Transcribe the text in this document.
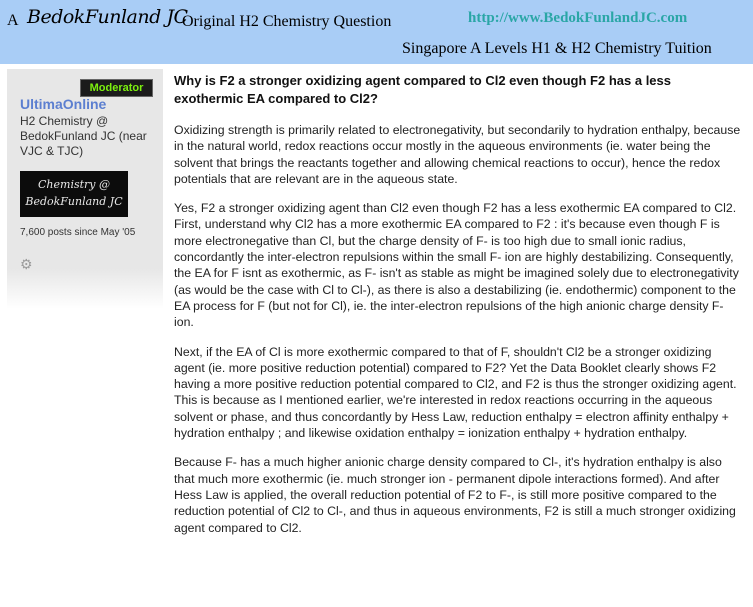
A BedokFunland JC
Original H2 Chemistry Question	http://www.BedokFunlandJC.com
Singapore A Levels H1 & H2 Chemistry Tuition
Moderator
UltimaOnline
H2 Chemistry @ BedokFunland JC (near VJC & TJC)
Chemistry @
BedokFunland JC
7,600 posts since May '05
⚙
Why is F2 a stronger oxidizing agent compared to Cl2 even though F2 has a less exothermic EA compared to Cl2?

Oxidizing strength is primarily related to electronegativity, but secondarily to hydration enthalpy, because in the natural world, redox reactions occur mostly in the aqueous environments (ie. water being the solvent that brings the reactants together and allowing chemical reactions to occur), hence the redox potentials that are relevant are in the aqueous state.

Yes, F2 a stronger oxidizing agent than Cl2 even though F2 has a less exothermic EA compared to Cl2. First, understand why Cl2 has a more exothermic EA compared to F2 : it's because even though F is more electronegative than Cl, but the charge density of F- is too high due to small ionic radius, concordantly the inter-electron repulsions within the small F- ion are highly destabilizing. Consequently, the EA for F isnt as exothermic, as F- isn't as stable as might be imagined solely due to electronegativity (as would be the case with Cl to Cl-), as there is also a destabilizing (ie. endothermic) component to the EA process for F (but not for Cl), ie. the inter-electron repulsions of the high anionic charge density F- ion.

Next, if the EA of Cl is more exothermic compared to that of F, shouldn't Cl2 be a stronger oxidizing agent (ie. more positive reduction potential) compared to F2? Yet the Data Booklet clearly shows F2 having a more positive reduction potential compared to Cl2, and F2 is thus the stronger oxidizing agent. This is because as I mentioned earlier, we're interested in redox reactions occurring in the aqueous solvent or phase, and thus concordantly by Hess Law, reduction enthalpy = electron affinity enthalpy + hydration enthalpy ; and likewise oxidation enthalpy = ionization enthalpy + hydration enthalpy.

Because F- has a much higher anionic charge density compared to Cl-, it's hydration enthalpy is also that much more exothermic (ie. much stronger ion - permanent dipole interactions formed). And after Hess Law is applied, the overall reduction potential of F2 to F-, is still more positive compared to the reduction potential of Cl2 to Cl-, and thus in aqueous environments, F2 is still a much stronger oxidizing agent compared to Cl2.
